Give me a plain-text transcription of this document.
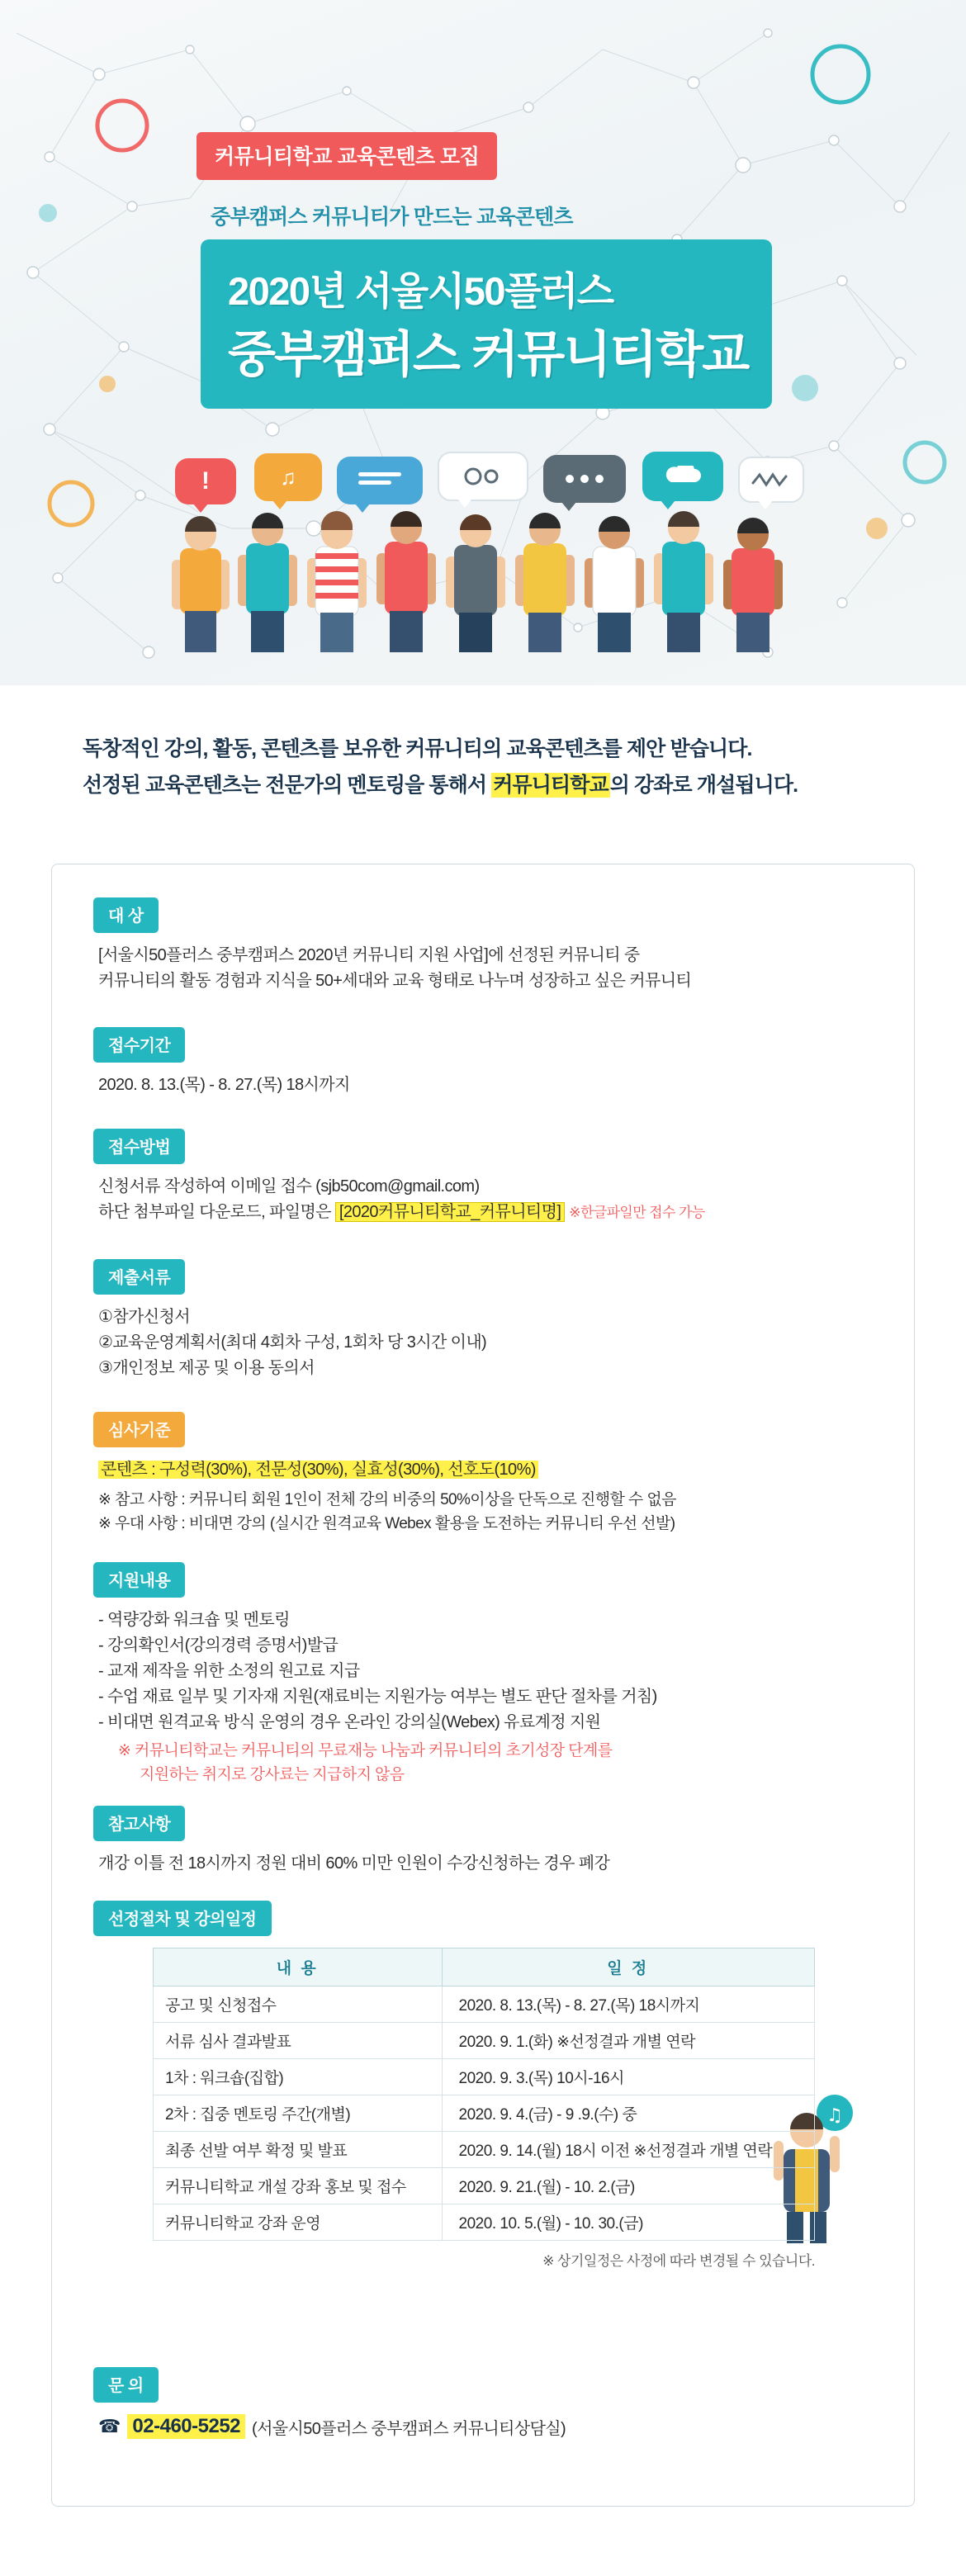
커뮤니티학교 교육콘텐츠 모집
중부캠퍼스 커뮤니티가 만드는 교육콘텐츠
2020년 서울시50플러스
중부캠퍼스 커뮤니티학교
!	♫
독창적인 강의, 활동, 콘텐츠를 보유한 커뮤니티의 교육콘텐츠를 제안 받습니다.
선정된 교육콘텐츠는 전문가의 멘토링을 통해서 커뮤니티학교의 강좌로 개설됩니다.
대 상
[서울시50플러스 중부캠퍼스 2020년 커뮤니티 지원 사업]에 선정된 커뮤니티 중
커뮤니티의 활동 경험과 지식을 50+세대와 교육 형태로 나누며 성장하고 싶은 커뮤니티
접수기간
2020. 8. 13.(목) - 8. 27.(목) 18시까지
접수방법
신청서류 작성하여 이메일 접수 (sjb50com@gmail.com)
하단 첨부파일 다운로드, 파일명은 [2020커뮤니티학교_커뮤니티명] ※한글파일만 접수 가능
제출서류
①참가신청서
②교육운영계획서(최대 4회차 구성, 1회차 당 3시간 이내)
③개인정보 제공 및 이용 동의서
심사기준
콘텐츠 : 구성력(30%), 전문성(30%), 실효성(30%), 선호도(10%)
※ 참고 사항 : 커뮤니티 회원 1인이 전체 강의 비중의 50%이상을 단독으로 진행할 수 없음
※ 우대 사항 : 비대면 강의 (실시간 원격교육 Webex 활용을 도전하는 커뮤니티 우선 선발)
지원내용
- 역량강화 워크숍 및 멘토링
- 강의확인서(강의경력 증명서)발급
- 교재 제작을 위한 소정의 원고료 지급
- 수업 재료 일부 및 기자재 지원(재료비는 지원가능 여부는 별도 판단 절차를 거침)
- 비대면 원격교육 방식 운영의 경우 온라인 강의실(Webex) 유료계정 지원
※ 커뮤니티학교는 커뮤니티의 무료재능 나눔과 커뮤니티의 초기성장 단계를
지원하는 취지로 강사료는 지급하지 않음
참고사항
개강 이틀 전 18시까지 정원 대비 60% 미만 인원이 수강신청하는 경우 폐강
♫
선정절차 및 강의일정
내 용	일 정
공고 및 신청접수	2020. 8. 13.(목) - 8. 27.(목) 18시까지
서류 심사 결과발표	2020. 9. 1.(화) ※선정결과 개별 연락
1차 : 워크숍(집합)	2020. 9. 3.(목) 10시-16시
2차 : 집중 멘토링 주간(개별)	2020. 9. 4.(금) - 9 .9.(수) 중
최종 선발 여부 확정 및 발표	2020. 9. 14.(월) 18시 이전 ※선정결과 개별 연락
커뮤니티학교 개설 강좌 홍보 및 접수	2020. 9. 21.(월) - 10. 2.(금)
커뮤니티학교 강좌 운영	2020. 10. 5.(월) - 10. 30.(금)
※ 상기일정은 사정에 따라 변경될 수 있습니다.
문 의
☎ 02-460-5252 (서울시50플러스 중부캠퍼스 커뮤니티상담실)
